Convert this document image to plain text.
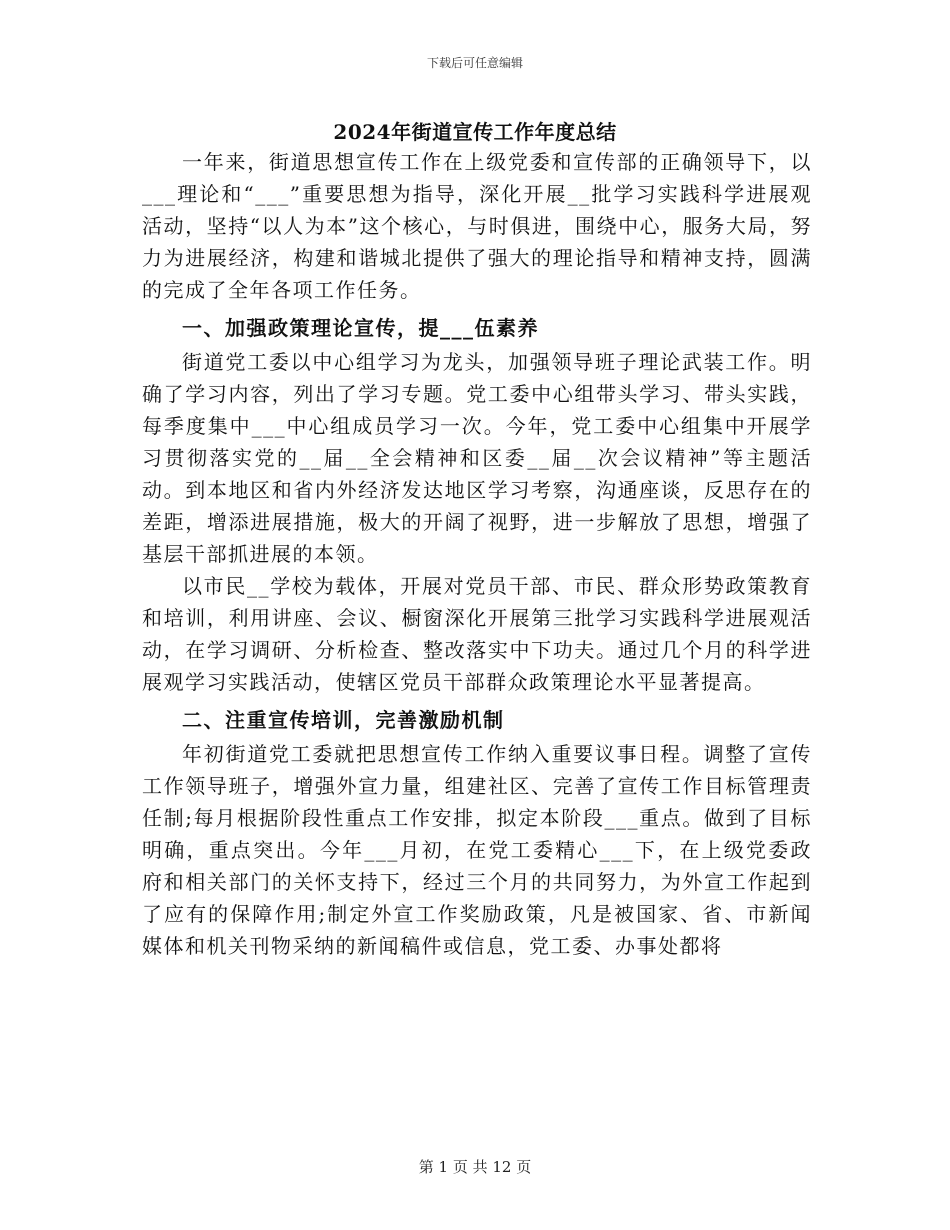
下载后可任意编辑
2024年街道宣传工作年度总结

一年来，街道思想宣传工作在上级党委和宣传部的正确领导下，以___理论和“___”重要思想为指导，深化开展__批学习实践科学进展观活动，坚持“以人为本”这个核心，与时俱进，围绕中心，服务大局，努力为进展经济，构建和谐城北提供了强大的理论指导和精神支持，圆满的完成了全年各项工作任务。

一、加强政策理论宣传，提___伍素养

街道党工委以中心组学习为龙头，加强领导班子理论武装工作。明确了学习内容，列出了学习专题。党工委中心组带头学习、带头实践，每季度集中___中心组成员学习一次。今年，党工委中心组集中开展学习贯彻落实党的__届__全会精神和区委__届__次会议精神”等主题活动。到本地区和省内外经济发达地区学习考察，沟通座谈，反思存在的差距，增添进展措施，极大的开阔了视野，进一步解放了思想，增强了基层干部抓进展的本领。

以市民__学校为载体，开展对党员干部、市民、群众形势政策教育和培训，利用讲座、会议、橱窗深化开展第三批学习实践科学进展观活动，在学习调研、分析检查、整改落实中下功夫。通过几个月的科学进展观学习实践活动，使辖区党员干部群众政策理论水平显著提高。

二、注重宣传培训，完善激励机制

年初街道党工委就把思想宣传工作纳入重要议事日程。调整了宣传工作领导班子，增强外宣力量，组建社区、完善了宣传工作目标管理责任制;每月根据阶段性重点工作安排，拟定本阶段___重点。做到了目标明确，重点突出。今年___月初，在党工委精心___下，在上级党委政府和相关部门的关怀支持下，经过三个月的共同努力，为外宣工作起到了应有的保障作用;制定外宣工作奖励政策，凡是被国家、省、市新闻媒体和机关刊物采纳的新闻稿件或信息，党工委、办事处都将

第 1 页 共 12 页
